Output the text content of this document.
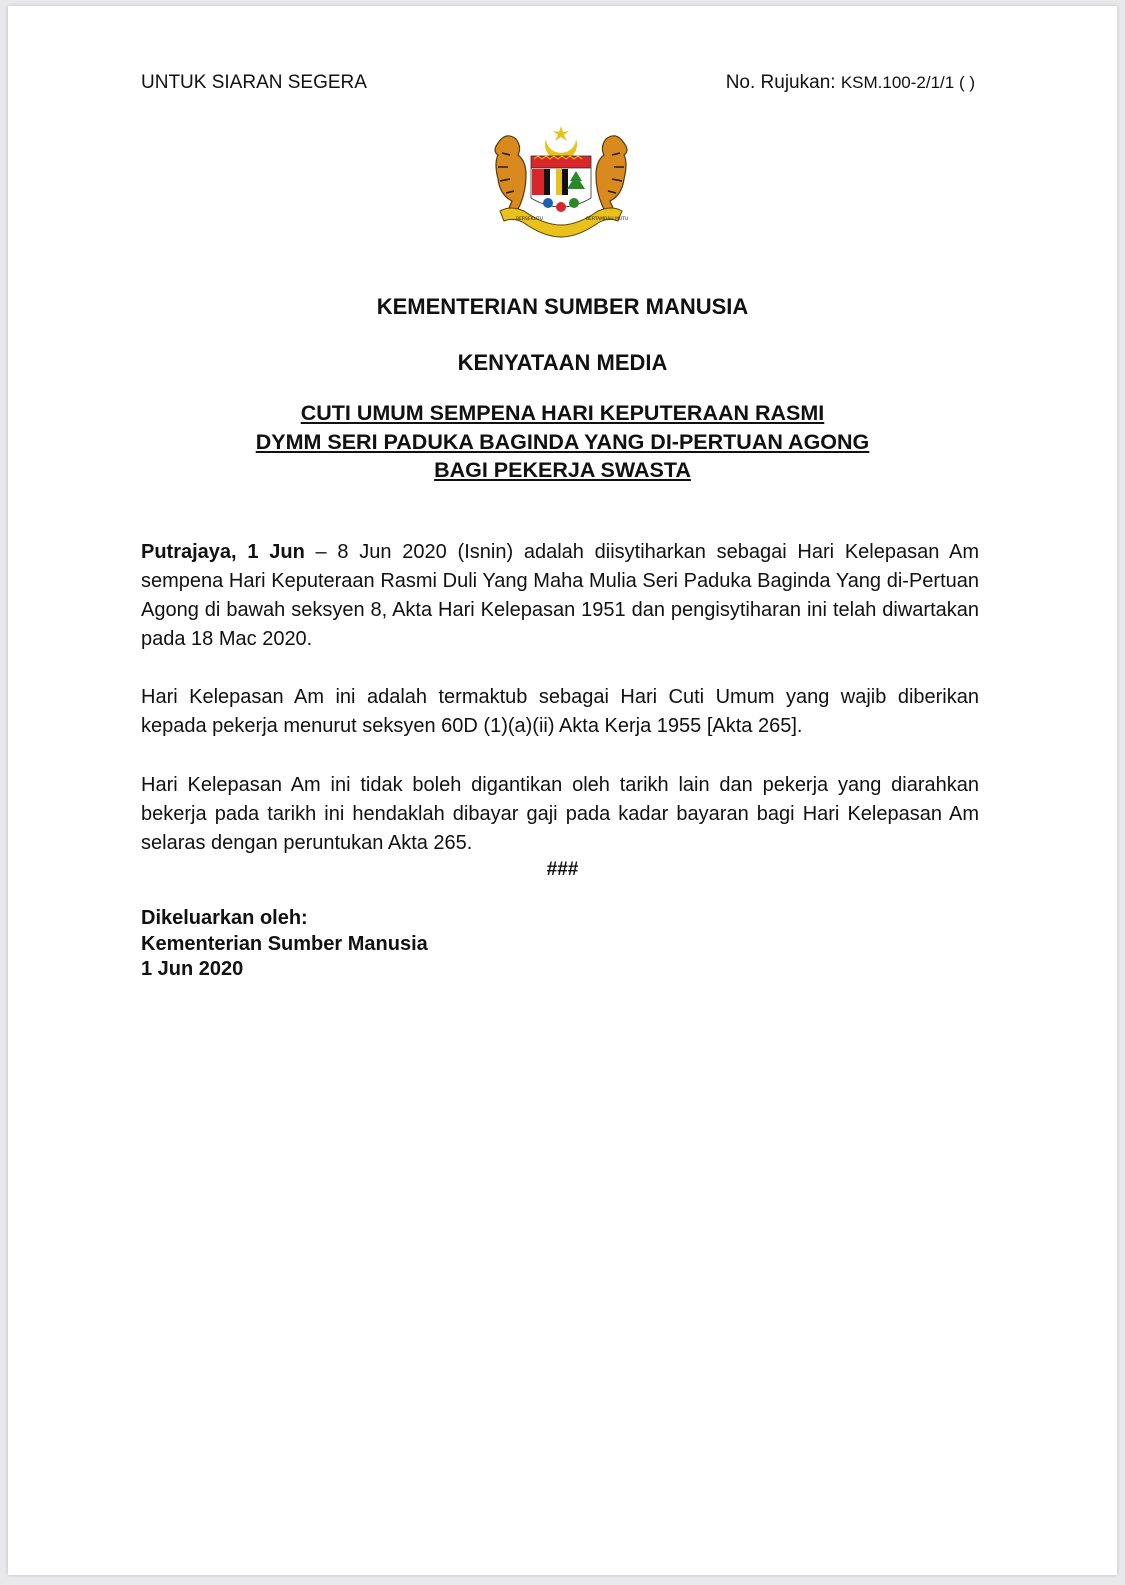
UNTUK SIARAN SEGERA	No. Rujukan: KSM.100-2/1/1 ( )
BERSEKUTU	BERTAMBAH MUTU
KEMENTERIAN SUMBER MANUSIA
KENYATAAN MEDIA
CUTI UMUM SEMPENA HARI KEPUTERAAN RASMI
DYMM SERI PADUKA BAGINDA YANG DI-PERTUAN AGONG
BAGI PEKERJA SWASTA

Putrajaya, 1 Jun – 8 Jun 2020 (Isnin) adalah diisytiharkan sebagai Hari Kelepasan Am sempena Hari Keputeraan Rasmi Duli Yang Maha Mulia Seri Paduka Baginda Yang di-Pertuan Agong di bawah seksyen 8, Akta Hari Kelepasan 1951 dan pengisytiharan ini telah diwartakan pada 18 Mac 2020.

Hari Kelepasan Am ini adalah termaktub sebagai Hari Cuti Umum yang wajib diberikan kepada pekerja menurut seksyen 60D (1)(a)(ii) Akta Kerja 1955 [Akta 265].

Hari Kelepasan Am ini tidak boleh digantikan oleh tarikh lain dan pekerja yang diarahkan bekerja pada tarikh ini hendaklah dibayar gaji pada kadar bayaran bagi Hari Kelepasan Am selaras dengan peruntukan Akta 265.

###
Dikeluarkan oleh:
Kementerian Sumber Manusia
1 Jun 2020
